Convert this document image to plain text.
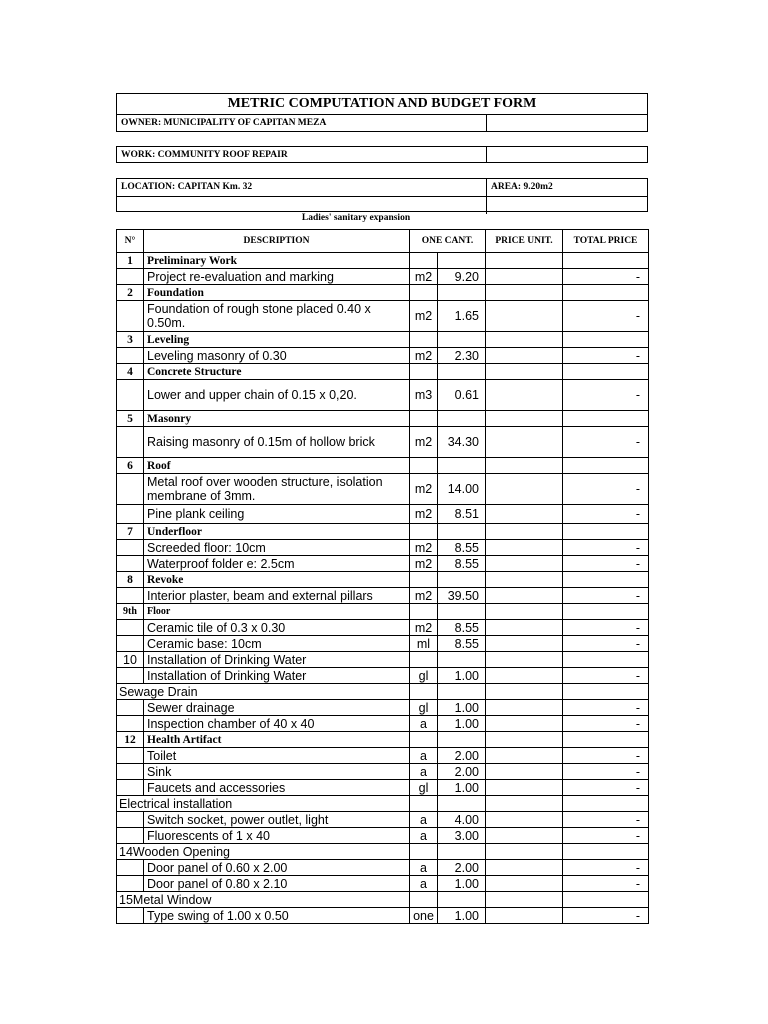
METRIC COMPUTATION AND BUDGET FORM
OWNER: MUNICIPALITY OF CAPITAN MEZA
WORK: COMMUNITY ROOF REPAIR
LOCATION: CAPITAN Km. 32	AREA: 9.20m2
Ladies' sanitary expansion
N°	DESCRIPTION	ONE CANT.		PRICE UNIT.	TOTAL PRICE
1	Preliminary Work				
	Project re-evaluation and marking	m2	9.20		-
2	Foundation				
	Foundation of rough stone placed 0.40 x 0.50m.	m2	1.65		-
3	Leveling				
	Leveling masonry of 0.30	m2	2.30		-
4	Concrete Structure				
	Lower and upper chain of 0.15 x 0,20.	m3	0.61		-
5	Masonry				
	Raising masonry of 0.15m of hollow brick	m2	34.30		-
6	Roof				
	Metal roof over wooden structure, isolation membrane of 3mm.	m2	14.00		-
	Pine plank ceiling	m2	8.51		-
7	Underfloor				
	Screeded floor: 10cm	m2	8.55		-
	Waterproof folder e: 2.5cm	m2	8.55		-
8	Revoke				
	Interior plaster, beam and external pillars	m2	39.50		-
9th	Floor				
	Ceramic tile of 0.3 x 0.30	m2	8.55		-
	Ceramic base: 10cm	ml	8.55		-
10	Installation of Drinking Water				
	Installation of Drinking Water	gl	1.00		-
Sewage Drain					
	Sewer drainage	gl	1.00		-
	Inspection chamber of 40 x 40	a	1.00		-
12	Health Artifact				
	Toilet	a	2.00		-
	Sink	a	2.00		-
	Faucets and accessories	gl	1.00		-
Electrical installation					
	Switch socket, power outlet, light	a	4.00		-
	Fluorescents of 1 x 40	a	3.00		-
14Wooden Opening					
	Door panel of 0.60 x 2.00	a	2.00		-
	Door panel of 0.80 x 2.10	a	1.00		-
15Metal Window					
	Type swing of 1.00 x 0.50	one	1.00		-
